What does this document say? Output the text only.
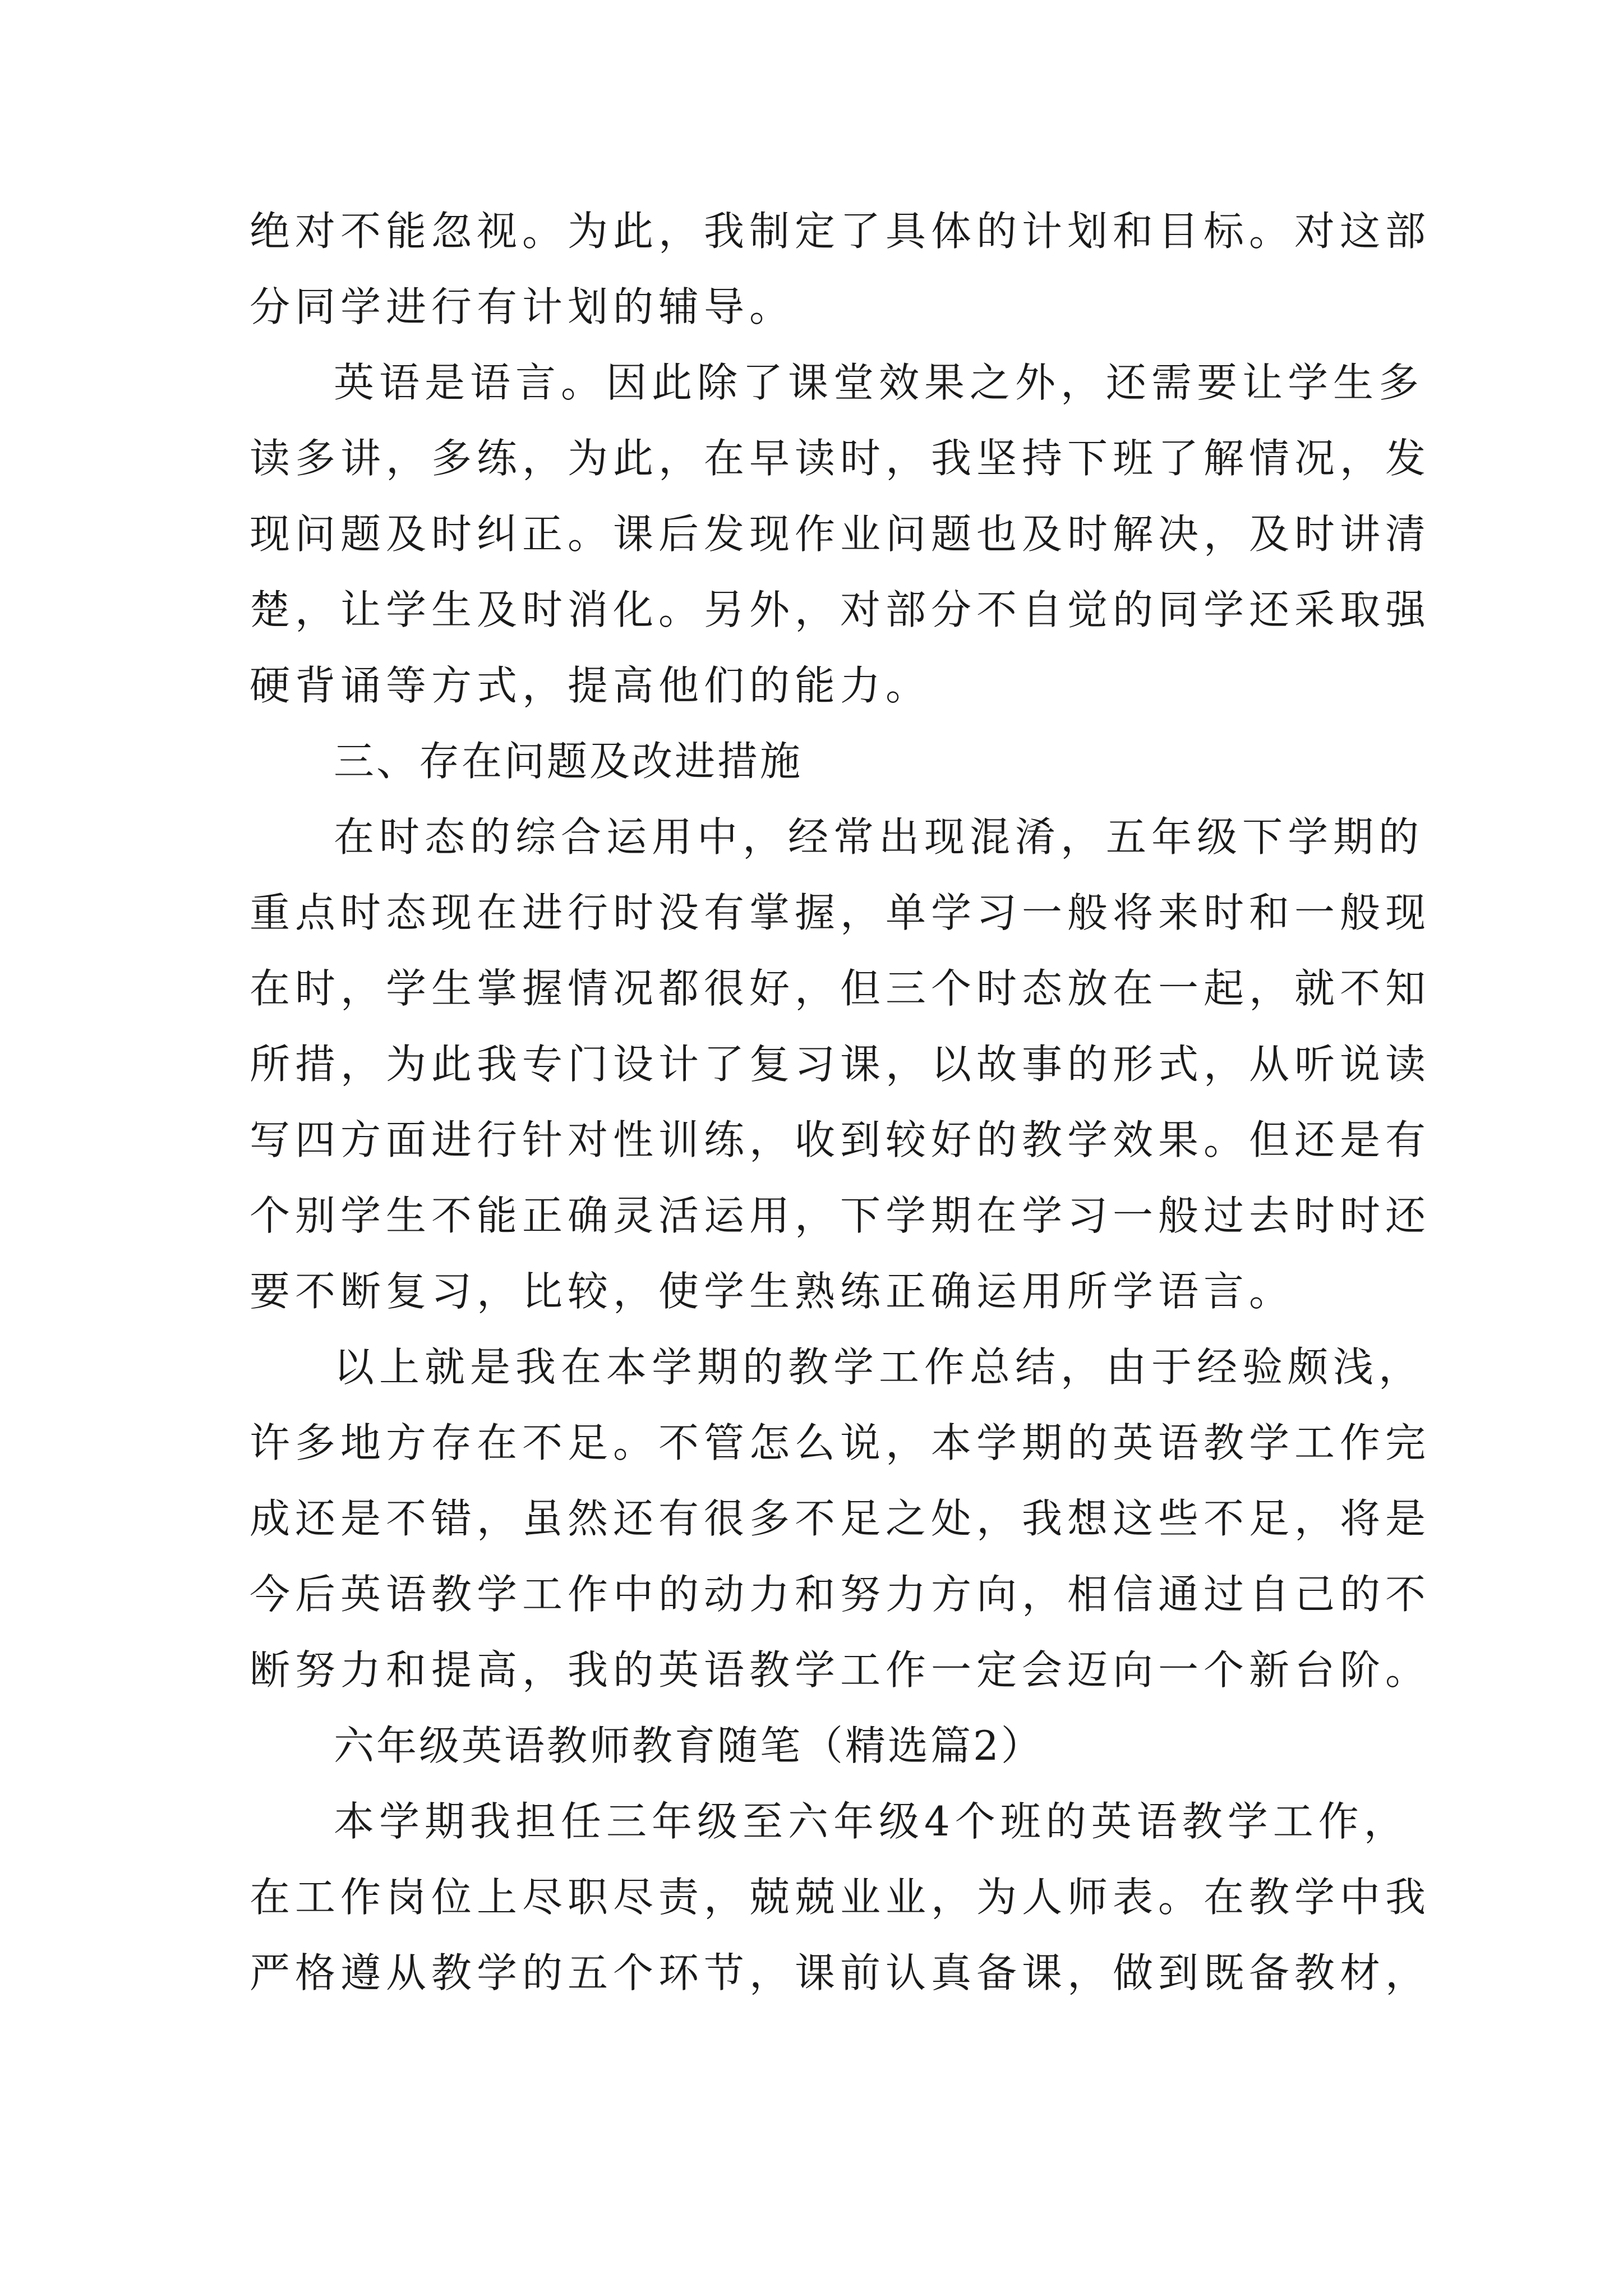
绝对不能忽视。为此，我制定了具体的计划和目标。对这部
分同学进行有计划的辅导。
英语是语言。因此除了课堂效果之外，还需要让学生多
读多讲，多练，为此，在早读时，我坚持下班了解情况，发
现问题及时纠正。课后发现作业问题也及时解决，及时讲清
楚，让学生及时消化。另外，对部分不自觉的同学还采取强
硬背诵等方式，提高他们的能力。
三、存在问题及改进措施
在时态的综合运用中，经常出现混淆，五年级下学期的
重点时态现在进行时没有掌握，单学习一般将来时和一般现
在时，学生掌握情况都很好，但三个时态放在一起，就不知
所措，为此我专门设计了复习课，以故事的形式，从听说读
写四方面进行针对性训练，收到较好的教学效果。但还是有
个别学生不能正确灵活运用，下学期在学习一般过去时时还
要不断复习，比较，使学生熟练正确运用所学语言。
以上就是我在本学期的教学工作总结，由于经验颇浅，
许多地方存在不足。不管怎么说，本学期的英语教学工作完
成还是不错，虽然还有很多不足之处，我想这些不足，将是
今后英语教学工作中的动力和努力方向，相信通过自己的不
断努力和提高，我的英语教学工作一定会迈向一个新台阶。
六年级英语教师教育随笔（精选篇2）
本学期我担任三年级至六年级4个班的英语教学工作，
在工作岗位上尽职尽责，兢兢业业，为人师表。在教学中我
严格遵从教学的五个环节，课前认真备课，做到既备教材，
